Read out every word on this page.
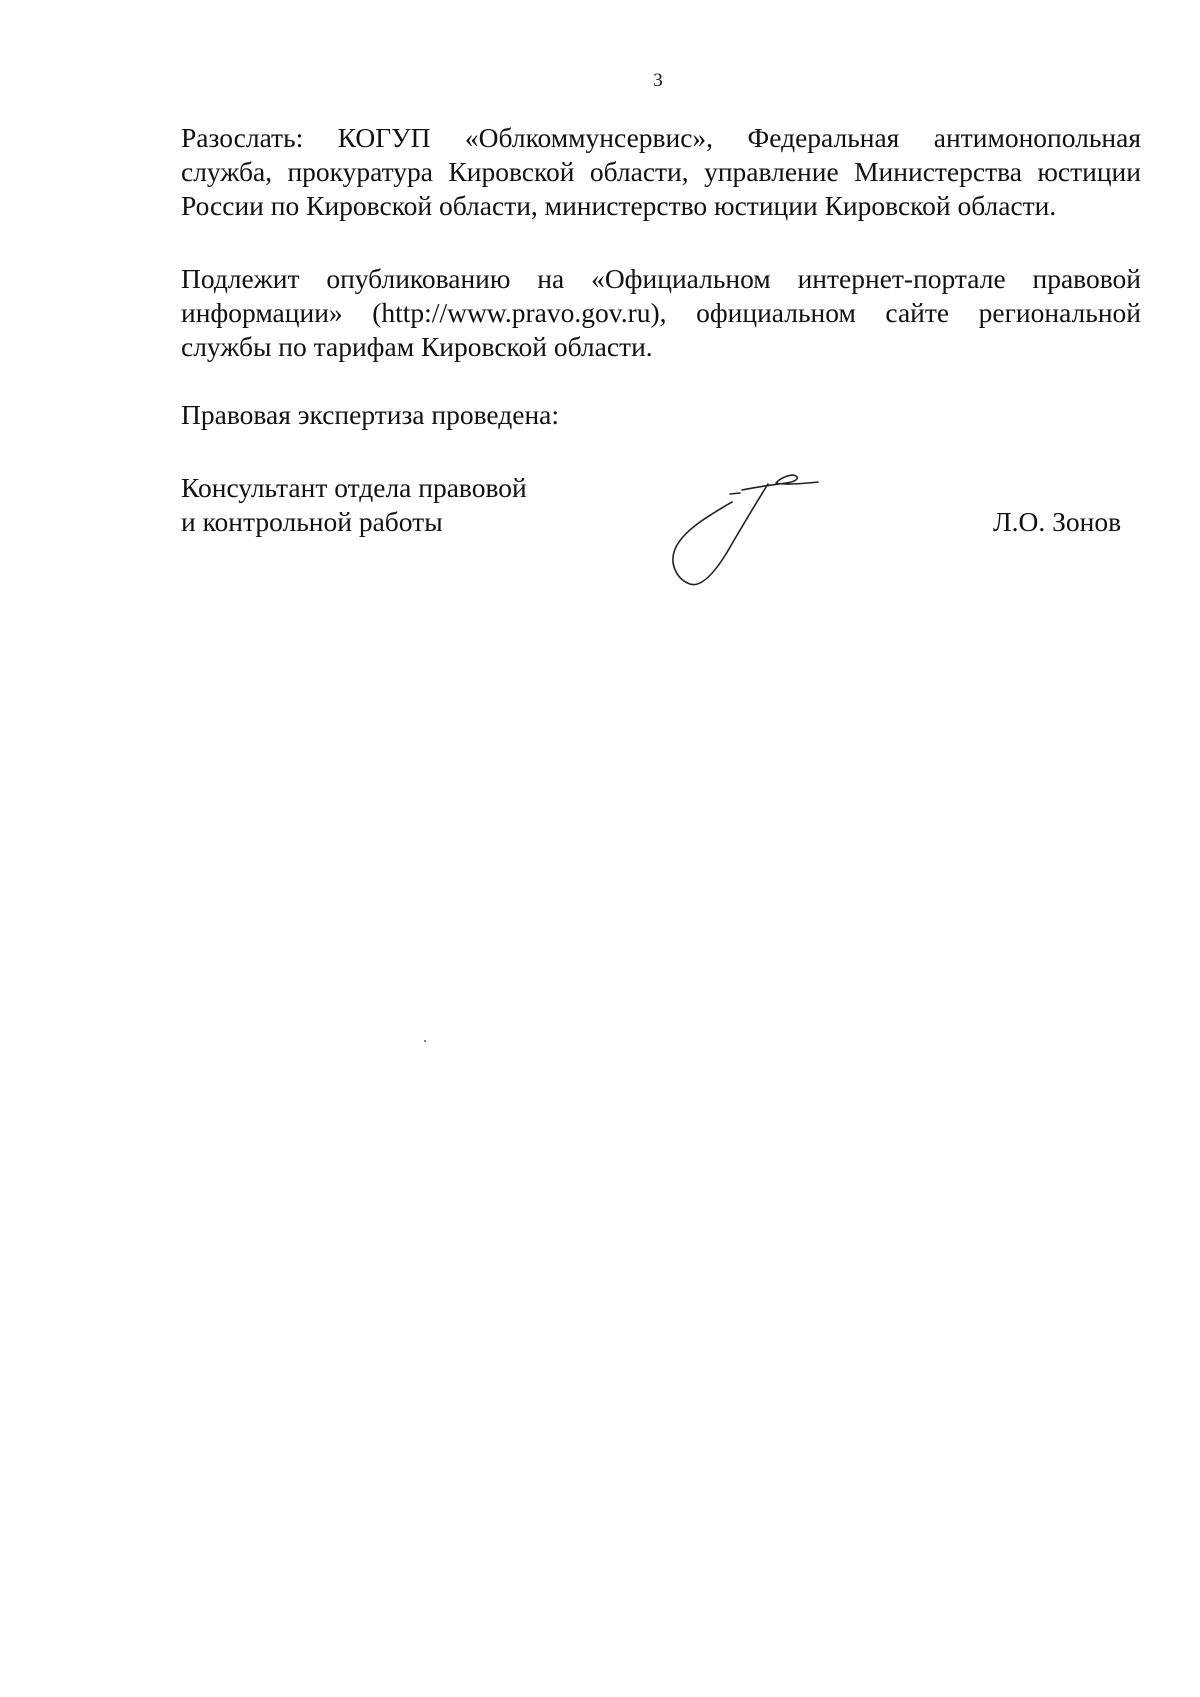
3
Разослать: КОГУП «Облкоммунсервис», Федеральная антимонопольная
служба, прокуратура Кировской области, управление Министерства юстиции
России по Кировской области, министерство юстиции Кировской области.
Подлежит опубликованию на «Официальном интернет-портале правовой
информации» (http://www.pravo.gov.ru), официальном сайте региональной
службы по тарифам Кировской области.
Правовая экспертиза проведена:
Консультант отдела правовой
и контрольной работы	Л.О. Зонов
